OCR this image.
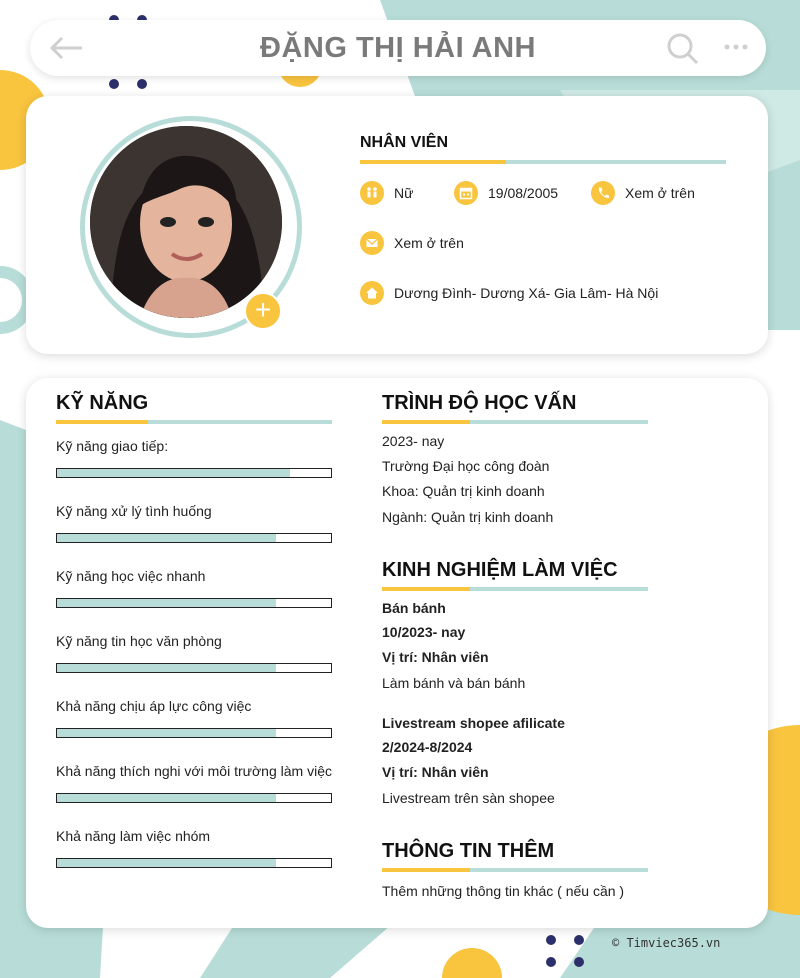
ĐẶNG THỊ HẢI ANH
+
NHÂN VIÊN
Nữ	19/08/2005	Xem ở trên
Xem ở trên
Dương Đình- Dương Xá- Gia Lâm- Hà Nội
KỸ NĂNG
Kỹ năng giao tiếp:
Kỹ năng xử lý tình huống
Kỹ năng học việc nhanh
Kỹ năng tin học văn phòng
Khả năng chịu áp lực công việc
Khả năng thích nghi với môi trường làm việc
Khả năng làm việc nhóm
TRÌNH ĐỘ HỌC VẤN
2023- nay
Trường Đại học công đoàn
Khoa: Quản trị kinh doanh
Ngành: Quản trị kinh doanh
KINH NGHIỆM LÀM VIỆC
Bán bánh
10/2023- nay
Vị trí: Nhân viên
Làm bánh và bán bánh
Livestream shopee afilicate
2/2024-8/2024
Vị trí: Nhân viên
Livestream trên sàn shopee
THÔNG TIN THÊM
Thêm những thông tin khác ( nếu cần )
© Timviec365.vn
